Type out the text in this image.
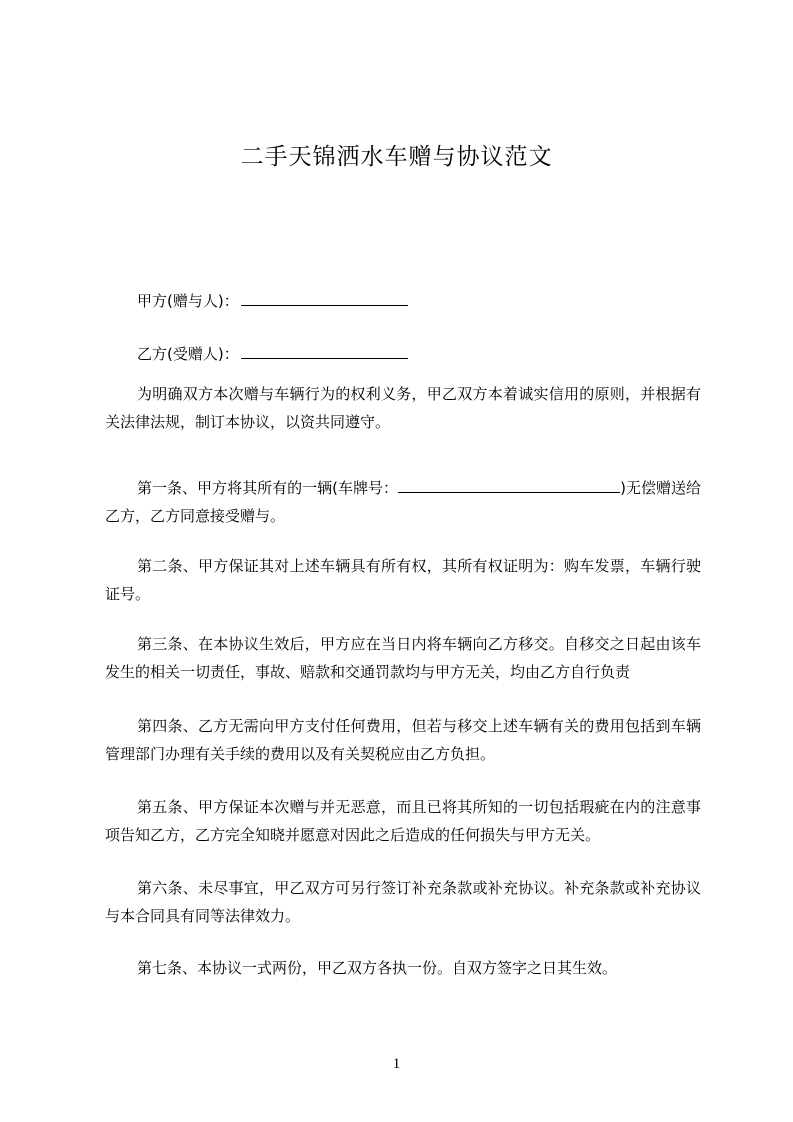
二手天锦洒水车赠与协议范文
甲方(赠与人)：
乙方(受赠人)：

为明确双方本次赠与车辆行为的权利义务，甲乙双方本着诚实信用的原则，并根据有关法律法规，制订本协议，以资共同遵守。

第一条、甲方将其所有的一辆(车牌号：	)无偿赠送给乙方，乙方同意接受赠与。

第二条、甲方保证其对上述车辆具有所有权，其所有权证明为：购车发票，车辆行驶证号。

第三条、在本协议生效后，甲方应在当日内将车辆向乙方移交。自移交之日起由该车发生的相关一切责任，事故、赔款和交通罚款均与甲方无关，均由乙方自行负责

第四条、乙方无需向甲方支付任何费用，但若与移交上述车辆有关的费用包括到车辆管理部门办理有关手续的费用以及有关契税应由乙方负担。

第五条、甲方保证本次赠与并无恶意，而且已将其所知的一切包括瑕疵在内的注意事项告知乙方，乙方完全知晓并愿意对因此之后造成的任何损失与甲方无关。

第六条、未尽事宜，甲乙双方可另行签订补充条款或补充协议。补充条款或补充协议与本合同具有同等法律效力。

第七条、本协议一式两份，甲乙双方各执一份。自双方签字之日其生效。

1
